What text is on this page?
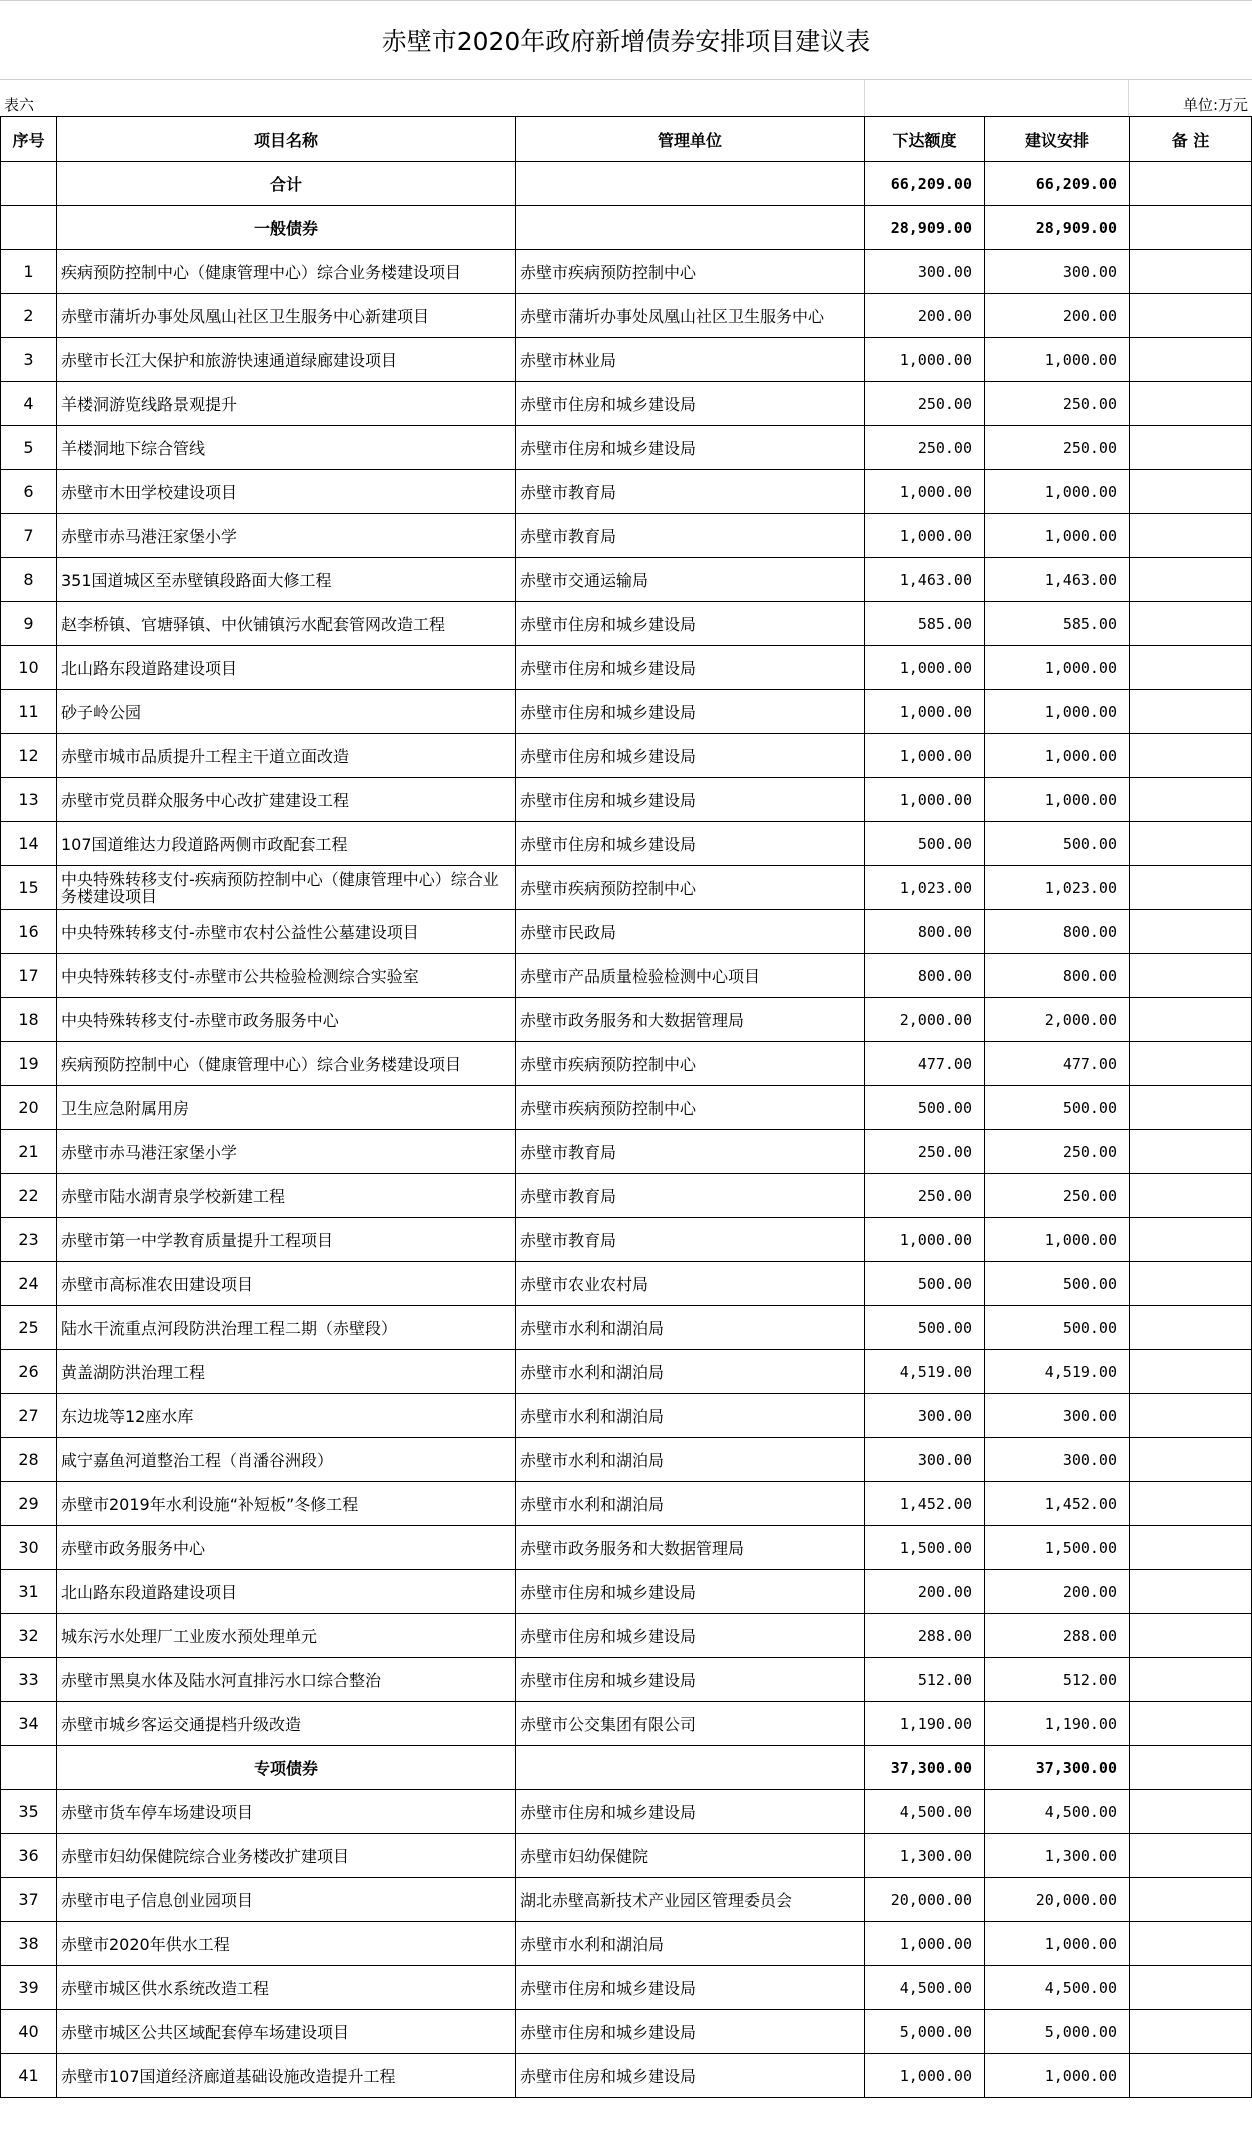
赤壁市2020年政府新增债券安排项目建议表
表六	单位:万元
序号	项目名称	管理单位	下达额度	建议安排	备 注
	合计		66,209.00	66,209.00	
	一般债券		28,909.00	28,909.00	
1	疾病预防控制中心（健康管理中心）综合业务楼建设项目	赤壁市疾病预防控制中心	300.00	300.00	
2	赤壁市蒲圻办事处凤凰山社区卫生服务中心新建项目	赤壁市蒲圻办事处凤凰山社区卫生服务中心	200.00	200.00	
3	赤壁市长江大保护和旅游快速通道绿廊建设项目	赤壁市林业局	1,000.00	1,000.00	
4	羊楼洞游览线路景观提升	赤壁市住房和城乡建设局	250.00	250.00	
5	羊楼洞地下综合管线	赤壁市住房和城乡建设局	250.00	250.00	
6	赤壁市木田学校建设项目	赤壁市教育局	1,000.00	1,000.00	
7	赤壁市赤马港汪家堡小学	赤壁市教育局	1,000.00	1,000.00	
8	351国道城区至赤壁镇段路面大修工程	赤壁市交通运输局	1,463.00	1,463.00	
9	赵李桥镇、官塘驿镇、中伙铺镇污水配套管网改造工程	赤壁市住房和城乡建设局	585.00	585.00	
10	北山路东段道路建设项目	赤壁市住房和城乡建设局	1,000.00	1,000.00	
11	砂子岭公园	赤壁市住房和城乡建设局	1,000.00	1,000.00	
12	赤壁市城市品质提升工程主干道立面改造	赤壁市住房和城乡建设局	1,000.00	1,000.00	
13	赤壁市党员群众服务中心改扩建建设工程	赤壁市住房和城乡建设局	1,000.00	1,000.00	
14	107国道维达力段道路两侧市政配套工程	赤壁市住房和城乡建设局	500.00	500.00	
15	中央特殊转移支付-疾病预防控制中心（健康管理中心）综合业务楼建设项目	赤壁市疾病预防控制中心	1,023.00	1,023.00	
16	中央特殊转移支付-赤壁市农村公益性公墓建设项目	赤壁市民政局	800.00	800.00	
17	中央特殊转移支付-赤壁市公共检验检测综合实验室	赤壁市产品质量检验检测中心项目	800.00	800.00	
18	中央特殊转移支付-赤壁市政务服务中心	赤壁市政务服务和大数据管理局	2,000.00	2,000.00	
19	疾病预防控制中心（健康管理中心）综合业务楼建设项目	赤壁市疾病预防控制中心	477.00	477.00	
20	卫生应急附属用房	赤壁市疾病预防控制中心	500.00	500.00	
21	赤壁市赤马港汪家堡小学	赤壁市教育局	250.00	250.00	
22	赤壁市陆水湖青泉学校新建工程	赤壁市教育局	250.00	250.00	
23	赤壁市第一中学教育质量提升工程项目	赤壁市教育局	1,000.00	1,000.00	
24	赤壁市高标准农田建设项目	赤壁市农业农村局	500.00	500.00	
25	陆水干流重点河段防洪治理工程二期（赤壁段）	赤壁市水利和湖泊局	500.00	500.00	
26	黄盖湖防洪治理工程	赤壁市水利和湖泊局	4,519.00	4,519.00	
27	东边垅等12座水库	赤壁市水利和湖泊局	300.00	300.00	
28	咸宁嘉鱼河道整治工程（肖潘谷洲段）	赤壁市水利和湖泊局	300.00	300.00	
29	赤壁市2019年水利设施“补短板”冬修工程	赤壁市水利和湖泊局	1,452.00	1,452.00	
30	赤壁市政务服务中心	赤壁市政务服务和大数据管理局	1,500.00	1,500.00	
31	北山路东段道路建设项目	赤壁市住房和城乡建设局	200.00	200.00	
32	城东污水处理厂工业废水预处理单元	赤壁市住房和城乡建设局	288.00	288.00	
33	赤壁市黑臭水体及陆水河直排污水口综合整治	赤壁市住房和城乡建设局	512.00	512.00	
34	赤壁市城乡客运交通提档升级改造	赤壁市公交集团有限公司	1,190.00	1,190.00	
	专项债券		37,300.00	37,300.00	
35	赤壁市货车停车场建设项目	赤壁市住房和城乡建设局	4,500.00	4,500.00	
36	赤壁市妇幼保健院综合业务楼改扩建项目	赤壁市妇幼保健院	1,300.00	1,300.00	
37	赤壁市电子信息创业园项目	湖北赤壁高新技术产业园区管理委员会	20,000.00	20,000.00	
38	赤壁市2020年供水工程	赤壁市水利和湖泊局	1,000.00	1,000.00	
39	赤壁市城区供水系统改造工程	赤壁市住房和城乡建设局	4,500.00	4,500.00	
40	赤壁市城区公共区域配套停车场建设项目	赤壁市住房和城乡建设局	5,000.00	5,000.00	
41	赤壁市107国道经济廊道基础设施改造提升工程	赤壁市住房和城乡建设局	1,000.00	1,000.00	
